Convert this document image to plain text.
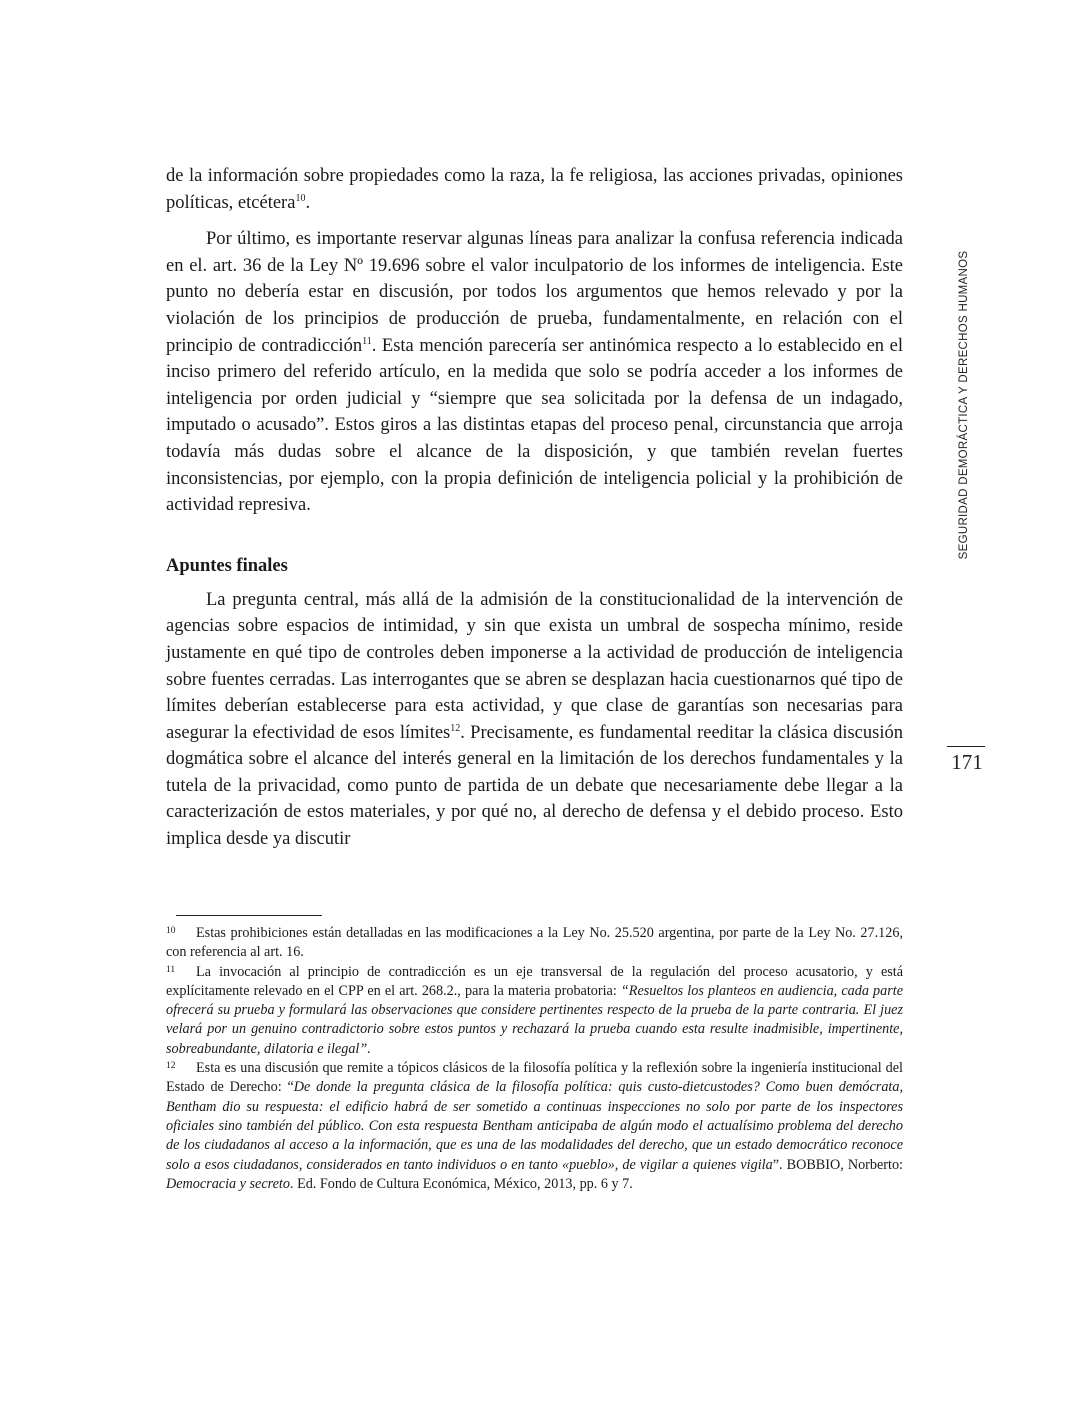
de la información sobre propiedades como la raza, la fe religiosa, las acciones privadas, opiniones políticas, etcétera$^{10}$.

Por último, es importante reservar algunas líneas para analizar la confusa referencia indicada en el. art. 36 de la Ley Nº 19.696 sobre el valor inculpatorio de los informes de inteligencia. Este punto no debería estar en discusión, por todos los argumentos que hemos relevado y por la violación de los principios de producción de prueba, fundamentalmente, en relación con el principio de contradicción$^{11}$. Esta mención parecería ser antinómica respecto a lo establecido en el inciso primero del referido artículo, en la medida que solo se podría acceder a los informes de inteligencia por orden judicial y “siempre que sea solicitada por la defensa de un indagado, imputado o acusado”. Estos giros a las distintas etapas del proceso penal, circunstancia que arroja todavía más dudas sobre el alcance de la disposición, y que también revelan fuertes inconsistencias, por ejemplo, con la propia definición de inteligencia policial y la prohibición de actividad represiva.

Apuntes finales

La pregunta central, más allá de la admisión de la constitucionalidad de la intervención de agencias sobre espacios de intimidad, y sin que exista un umbral de sospecha mínimo, reside justamente en qué tipo de controles deben imponerse a la actividad de producción de inteligencia sobre fuentes cerradas. Las interrogantes que se abren se desplazan hacia cuestionarnos qué tipo de límites deberían establecerse para esta actividad, y que clase de garantías son necesarias para asegurar la efectividad de esos límites$^{12}$. Precisamente, es fundamental reeditar la clásica discusión dogmática sobre el alcance del interés general en la limitación de los derechos fundamentales y la tutela de la privacidad, como punto de partida de un debate que necesariamente debe llegar a la caracterización de estos materiales, y por qué no, al derecho de defensa y el debido proceso. Esto implica desde ya discutir

SEGURIDAD DEMORÁCTICA Y DERECHOS HUMANOS
171
10	Estas prohibiciones están detalladas en las modificaciones a la Ley No. 25.520 argentina, por parte de la Ley No. 27.126, con referencia al art. 16.

11	La invocación al principio de contradicción es un eje transversal de la regulación del proceso acusatorio, y está explícitamente relevado en el CPP en el art. 268.2., para la materia probatoria: “Resueltos los planteos en audiencia, cada parte ofrecerá su prueba y formulará las observaciones que considere pertinentes respecto de la prueba de la parte contraria. El juez velará por un genuino contradictorio sobre estos puntos y rechazará la prueba cuando esta resulte inadmisible, impertinente, sobreabundante, dilatoria e ilegal”.

12	Esta es una discusión que remite a tópicos clásicos de la filosofía política y la reflexión sobre la ingeniería institucional del Estado de Derecho: “De donde la pregunta clásica de la filosofía política: quis custo-dietcustodes? Como buen demócrata, Bentham dio su respuesta: el edificio habrá de ser sometido a continuas inspecciones no solo por parte de los inspectores oficiales sino también del público. Con esta respuesta Bentham anticipaba de algún modo el actualísimo problema del derecho de los ciudadanos al acceso a la información, que es una de las modalidades del derecho, que un estado democrático reconoce solo a esos ciudadanos, considerados en tanto individuos o en tanto «pueblo», de vigilar a quienes vigila”. BOBBIO, Norberto: Democracia y secreto. Ed. Fondo de Cultura Económica, México, 2013, pp. 6 y 7.
